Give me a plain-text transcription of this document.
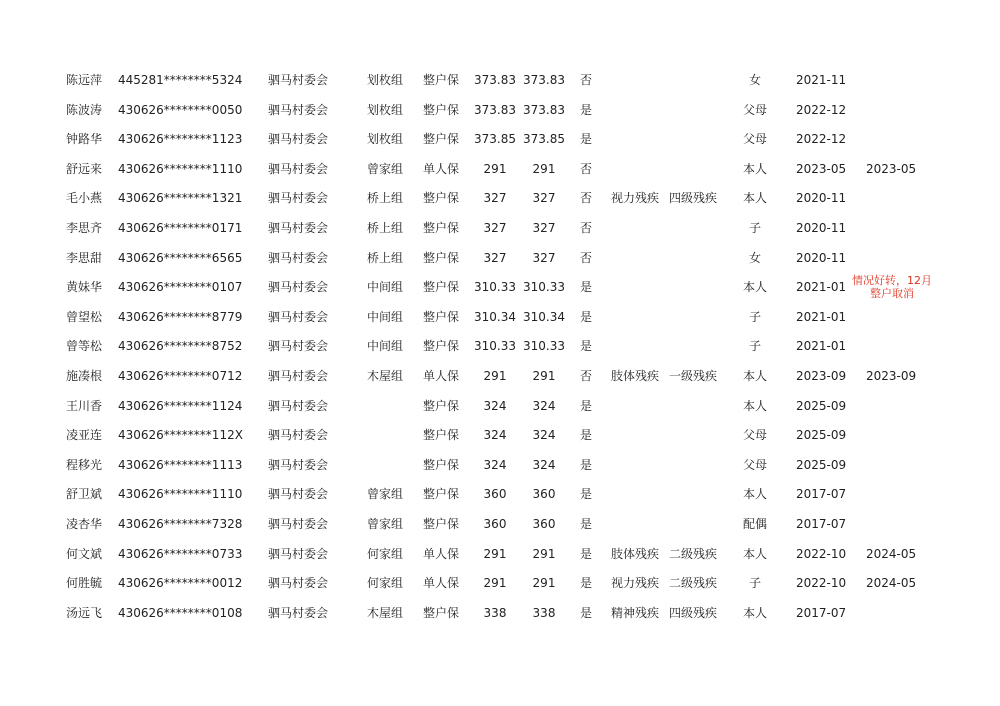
陈远萍 445281********5324 驷马村委会	划枚组 整户保	373.83 373.83 否	女	2021-11
陈波涛 430626********0050 驷马村委会	划枚组 整户保	373.83 373.83 是	父母	2022-12
钟路华 430626********1123 驷马村委会	划枚组 整户保	373.85 373.85 是	父母	2022-12
舒远来 430626********1110 驷马村委会	曾家组 单人保	291	291	否	本人	2023-05 2023-05
毛小燕 430626********1321 驷马村委会	桥上组 整户保	327	327	否 视力残疾 四级残疾	本人	2020-11
李思齐 430626********0171 驷马村委会	桥上组 整户保	327	327	否	子	2020-11
李思甜 430626********6565 驷马村委会	桥上组 整户保	327	327	否	女	2020-11
黄妹华 430626********0107 驷马村委会	中间组 整户保	310.33 310.33 是	本人	2021-01 情况好转，12月整户取消
曾望松 430626********8779 驷马村委会	中间组 整户保	310.34 310.34 是	子	2021-01
曾等松 430626********8752 驷马村委会	中间组 整户保	310.33 310.33 是	子	2021-01
施凑根 430626********0712 驷马村委会	木屋组 单人保	291	291	否 肢体残疾 一级残疾	本人	2023-09 2023-09
王川香 430626********1124 驷马村委会	整户保	324	324	是	本人	2025-09
凌亚连 430626********112X 驷马村委会	整户保	324	324	是	父母	2025-09
程移光 430626********1113 驷马村委会	整户保	324	324	是	父母	2025-09
舒卫斌 430626********1110 驷马村委会	曾家组 整户保	360	360	是	本人	2017-07
凌杏华 430626********7328 驷马村委会	曾家组 整户保	360	360	是	配偶	2017-07
何文斌 430626********0733 驷马村委会	何家组 单人保	291	291	是 肢体残疾 二级残疾	本人	2022-10 2024-05
何胜毓 430626********0012 驷马村委会	何家组 单人保	291	291	是 视力残疾 二级残疾	子	2022-10 2024-05
汤远飞 430626********0108 驷马村委会	木屋组 整户保	338	338	是 精神残疾 四级残疾	本人	2017-07
